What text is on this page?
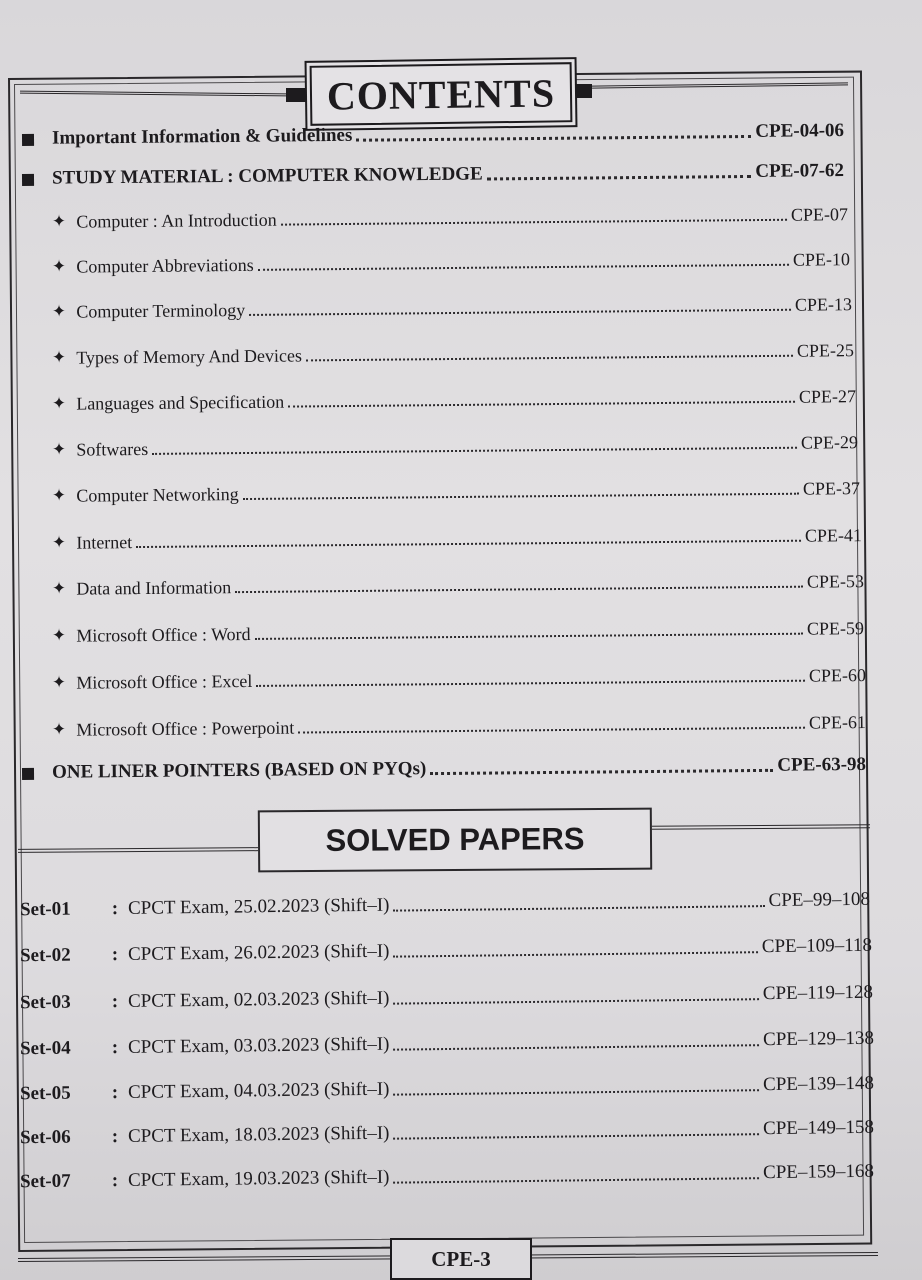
CONTENTS
Important Information & Guidelines	CPE-04-06
STUDY MATERIAL : COMPUTER KNOWLEDGE	CPE-07-62
✦ Computer : An Introduction	CPE-07
✦ Computer Abbreviations	CPE-10
✦ Computer Terminology	CPE-13
✦ Types of Memory And Devices	CPE-25
✦ Languages and Specification	CPE-27
✦ Softwares	CPE-29
✦ Computer Networking	CPE-37
✦ Internet	CPE-41
✦ Data and Information	CPE-53
✦ Microsoft Office : Word	CPE-59
✦ Microsoft Office : Excel	CPE-60
✦ Microsoft Office : Powerpoint	CPE-61
ONE LINER POINTERS (BASED ON PYQs)	CPE-63-98
SOLVED PAPERS
Set-01	: CPCT Exam, 25.02.2023 (Shift–I)	CPE–99–108
Set-02	: CPCT Exam, 26.02.2023 (Shift–I)	CPE–109–118
Set-03	: CPCT Exam, 02.03.2023 (Shift–I)	CPE–119–128
Set-04	: CPCT Exam, 03.03.2023 (Shift–I)	CPE–129–138
Set-05	: CPCT Exam, 04.03.2023 (Shift–I)	CPE–139–148
Set-06	: CPCT Exam, 18.03.2023 (Shift–I)	CPE–149–158
Set-07	: CPCT Exam, 19.03.2023 (Shift–I)	CPE–159–168
CPE-3
